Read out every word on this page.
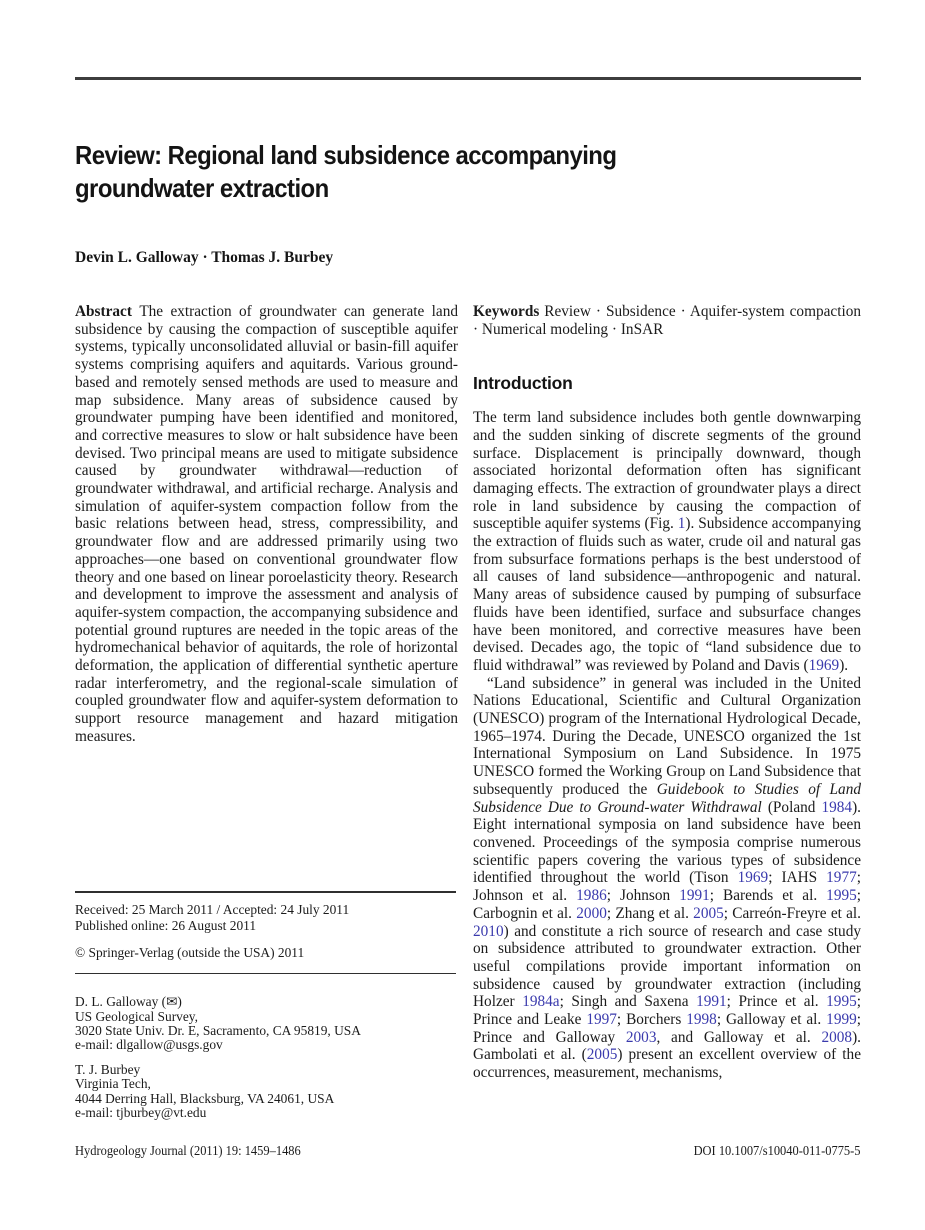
Review: Regional land subsidence accompanying groundwater extraction
Devin L. Galloway · Thomas J. Burbey

Abstract The extraction of groundwater can generate land subsidence by causing the compaction of susceptible aquifer systems, typically unconsolidated alluvial or basin-fill aquifer systems comprising aquifers and aquitards. Various ground-based and remotely sensed methods are used to measure and map subsidence. Many areas of subsidence caused by groundwater pumping have been identified and monitored, and corrective measures to slow or halt subsidence have been devised. Two principal means are used to mitigate subsidence caused by groundwater withdrawal—reduction of groundwater withdrawal, and artificial recharge. Analysis and simulation of aquifer-system compaction follow from the basic relations between head, stress, compressibility, and groundwater flow and are addressed primarily using two approaches—one based on conventional groundwater flow theory and one based on linear poroelasticity theory. Research and development to improve the assessment and analysis of aquifer-system compaction, the accompanying subsidence and potential ground ruptures are needed in the topic areas of the hydromechanical behavior of aquitards, the role of horizontal deformation, the application of differential synthetic aperture radar interferometry, and the regional-scale simulation of coupled groundwater flow and aquifer-system deformation to support resource management and hazard mitigation measures.

Keywords Review · Subsidence · Aquifer-system compaction · Numerical modeling · InSAR

Introduction

The term land subsidence includes both gentle downwarping and the sudden sinking of discrete segments of the ground surface. Displacement is principally downward, though associated horizontal deformation often has significant damaging effects. The extraction of groundwater plays a direct role in land subsidence by causing the compaction of susceptible aquifer systems (Fig. 1). Subsidence accompanying the extraction of fluids such as water, crude oil and natural gas from subsurface formations perhaps is the best understood of all causes of land subsidence—anthropogenic and natural. Many areas of subsidence caused by pumping of subsurface fluids have been identified, surface and subsurface changes have been monitored, and corrective measures have been devised. Decades ago, the topic of “land subsidence due to fluid withdrawal” was reviewed by Poland and Davis (1969).

“Land subsidence” in general was included in the United Nations Educational, Scientific and Cultural Organization (UNESCO) program of the International Hydrological Decade, 1965–1974. During the Decade, UNESCO organized the 1st International Symposium on Land Subsidence. In 1975 UNESCO formed the Working Group on Land Subsidence that subsequently produced the Guidebook to Studies of Land Subsidence Due to Ground-water Withdrawal (Poland 1984). Eight international symposia on land subsidence have been convened. Proceedings of the symposia comprise numerous scientific papers covering the various types of subsidence identified throughout the world (Tison 1969; IAHS 1977; Johnson et al. 1986; Johnson 1991; Barends et al. 1995; Carbognin et al. 2000; Zhang et al. 2005; Carreón-Freyre et al. 2010) and constitute a rich source of research and case study on subsidence attributed to groundwater extraction. Other useful compilations provide important information on subsidence caused by groundwater extraction (including Holzer 1984a; Singh and Saxena 1991; Prince et al. 1995; Prince and Leake 1997; Borchers 1998; Galloway et al. 1999; Prince and Galloway 2003, and Galloway et al. 2008). Gambolati et al. (2005) present an excellent overview of the occurrences, measurement, mechanisms,

Received: 25 March 2011 / Accepted: 24 July 2011
Published online: 26 August 2011
© Springer-Verlag (outside the USA) 2011
D. L. Galloway (✉)
US Geological Survey,
3020 State Univ. Dr. E, Sacramento, CA 95819, USA
e-mail: dlgallow@usgs.gov
T. J. Burbey
Virginia Tech,
4044 Derring Hall, Blacksburg, VA 24061, USA
e-mail: tjburbey@vt.edu
Hydrogeology Journal (2011) 19: 1459–1486	DOI 10.1007/s10040-011-0775-5
